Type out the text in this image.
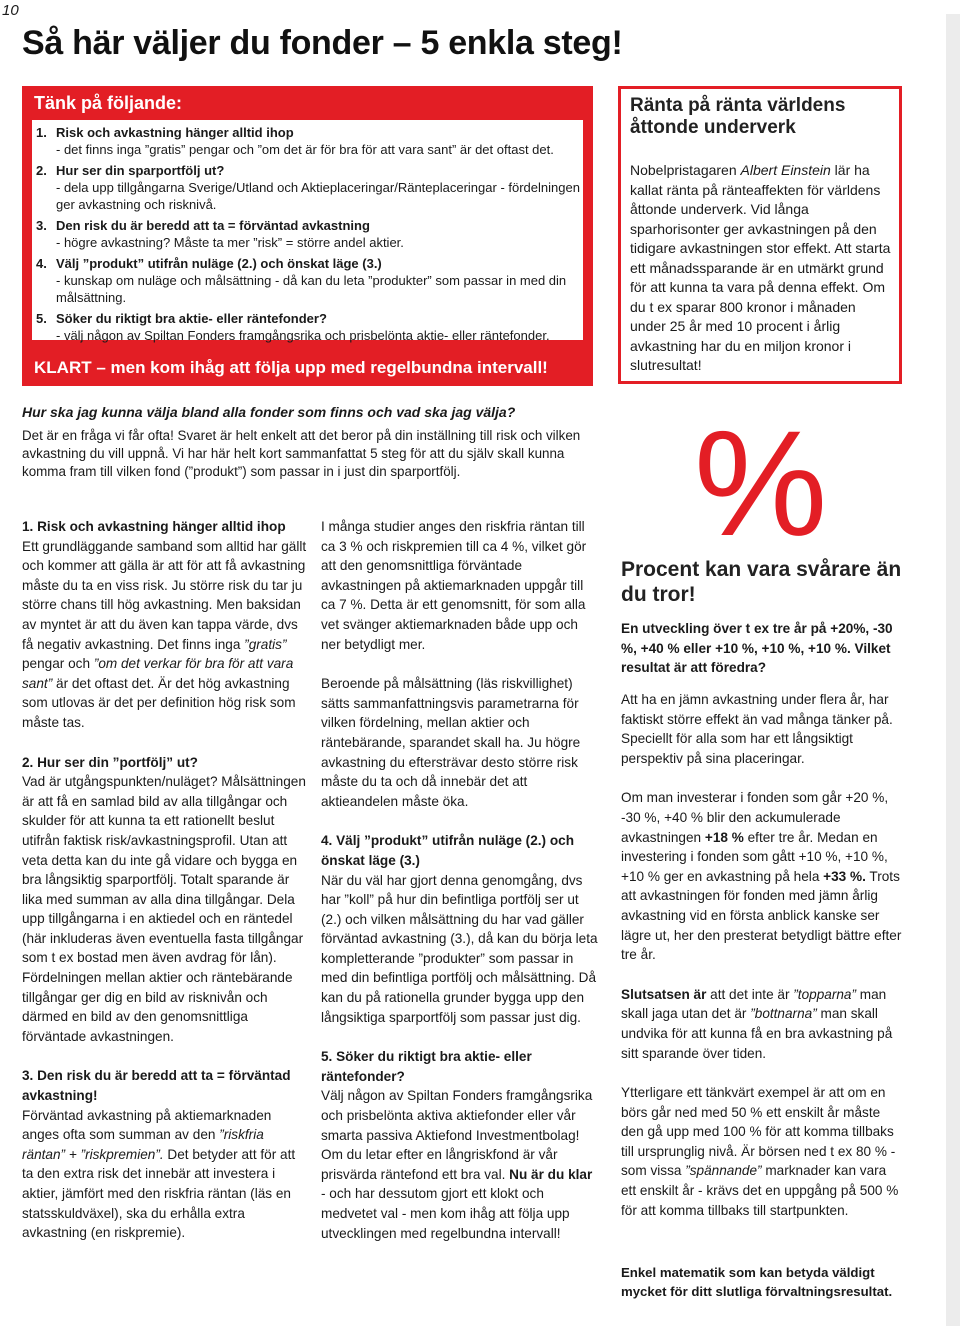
10
Så här väljer du fonder – 5 enkla steg!
Tänk på följande:
1. Risk och avkastning hänger alltid ihop
- det finns inga ”gratis” pengar och ”om det är för bra för att vara sant” är det oftast det.
2. Hur ser din sparportfölj ut?
- dela upp tillgångarna Sverige/Utland och Aktieplaceringar/Ränteplaceringar - fördelningen ger avkastning och risknivå.
3. Den risk du är beredd att ta = förväntad avkastning
- högre avkastning? Måste ta mer ”risk” = större andel aktier.
4. Välj ”produkt” utifrån nuläge (2.) och önskat läge (3.)
- kunskap om nuläge och målsättning - då kan du leta ”produkter” som passar in med din målsättning.
5. Söker du riktigt bra aktie- eller räntefonder?
- välj någon av Spiltan Fonders framgångsrika och prisbelönta aktie- eller räntefonder.
KLART – men kom ihåg att följa upp med regelbundna intervall!
Ränta på ränta världens åttonde underverk
Nobelpristagaren Albert Einstein lär ha kallat ränta på ränteaffekten för världens åttonde underverk. Vid långa sparhorisonter ger avkastningen på den tidigare avkastningen stor effekt. Att starta ett månadssparande är en utmärkt grund för att kunna ta vara på denna effekt. Om du t ex sparar 800 kronor i månaden under 25 år med 10 procent i årlig avkastning har du en miljon kronor i slutresultat!
Hur ska jag kunna välja bland alla fonder som finns och vad ska jag välja?
Det är en fråga vi får ofta! Svaret är helt enkelt att det beror på din inställning till risk och vilken avkastning du vill uppnå. Vi har här helt kort sammanfattat 5 steg för att du själv skall kunna komma fram till vilken fond (”produkt”) som passar in i just din sparportfölj.

1. Risk och avkastning hänger alltid ihop
Ett grundläggande samband som alltid har gällt och kommer att gälla är att för att få avkastning måste du ta en viss risk. Ju större risk du tar ju större chans till hög avkastning. Men baksidan av myntet är att du även kan tappa värde, dvs få negativ avkastning. Det finns inga ”gratis” pengar och ”om det verkar för bra för att vara sant” är det oftast det. Är det hög avkastning som utlovas är det per definition hög risk som måste tas.

2. Hur ser din ”portfölj” ut?
Vad är utgångspunkten/nuläget? Målsättningen är att få en samlad bild av alla tillgångar och skulder för att kunna ta ett rationellt beslut utifrån faktisk risk/avkastningsprofil. Utan att veta detta kan du inte gå vidare och bygga en bra långsiktig sparportfölj. Totalt sparande är lika med summan av alla dina tillgångar. Dela upp tillgångarna i en aktiedel och en räntedel (här inkluderas även eventuella fasta tillgångar som t ex bostad men även avdrag för lån). Fördelningen mellan aktier och räntebärande tillgångar ger dig en bild av risknivån och därmed en bild av den genomsnittliga förväntade avkastningen.

3. Den risk du är beredd att ta = förväntad avkastning!
Förväntad avkastning på aktiemarknaden anges ofta som summan av den ”riskfria räntan” + ”riskpremien”. Det betyder att för att ta den extra risk det innebär att investera i aktier, jämfört med den riskfria räntan (läs en statsskuldväxel), ska du erhålla extra avkastning (en riskpremie).

I många studier anges den riskfria räntan till ca 3 % och riskpremien till ca 4 %, vilket gör att den genomsnittliga förväntade avkastningen på aktiemarknaden uppgår till ca 7 %. Detta är ett genomsnitt, för som alla vet svänger aktiemarknaden både upp och ner betydligt mer.

Beroende på målsättning (läs riskvillighet) sätts sammanfattningsvis parametrarna för vilken fördelning, mellan aktier och räntebärande, sparandet skall ha. Ju högre avkastning du eftersträvar desto större risk måste du ta och då innebär det att aktieandelen måste öka.

4. Välj ”produkt” utifrån nuläge (2.) och önskat läge (3.)
När du väl har gjort denna genomgång, dvs har ”koll” på hur din befintliga portfölj ser ut (2.) och vilken målsättning du har vad gäller förväntad avkastning (3.), då kan du börja leta kompletterande ”produkter” som passar in med din befintliga portfölj och målsättning. Då kan du på rationella grunder bygga upp den långsiktiga sparportfölj som passar just dig.

5. Söker du riktigt bra aktie- eller räntefonder?
Välj någon av Spiltan Fonders framgångsrika och prisbelönta aktiva aktiefonder eller vår smarta passiva Aktiefond Investmentbolag! Om du letar efter en långriskfond är vår prisvärda räntefond ett bra val. Nu är du klar - och har dessutom gjort ett klokt och medvetet val - men kom ihåg att följa upp utvecklingen med regelbundna intervall!

%
Procent kan vara svårare än du tror!
En utveckling över t ex tre år på +20%, -30 %, +40 % eller +10 %, +10 %, +10 %. Vilket resultat är att föredra?

Att ha en jämn avkastning under flera år, har faktiskt större effekt än vad många tänker på. Speciellt för alla som har ett långsiktigt perspektiv på sina placeringar.

Om man investerar i fonden som går +20 %, -30 %, +40 % blir den ackumulerade avkastningen +18 % efter tre år. Medan en investering i fonden som gått +10 %, +10 %, +10 % ger en avkastning på hela +33 %. Trots att avkastningen för fonden med jämn årlig avkastning vid en första anblick kanske ser lägre ut, her den presterat betydligt bättre efter tre år.

Slutsatsen är att det inte är ”topparna” man skall jaga utan det är ”bottnarna” man skall undvika för att kunna få en bra avkastning på sitt sparande över tiden.

Ytterligare ett tänkvärt exempel är att om en börs går ned med 50 % ett enskilt år måste den gå upp med 100 % för att komma tillbaks till ursprunglig nivå. Är börsen ned t ex 80 % - som vissa ”spännande” marknader kan vara ett enskilt år - krävs det en uppgång på 500 % för att komma tillbaks till startpunkten.

Enkel matematik som kan betyda väldigt mycket för ditt slutliga förvaltningsresultat.
